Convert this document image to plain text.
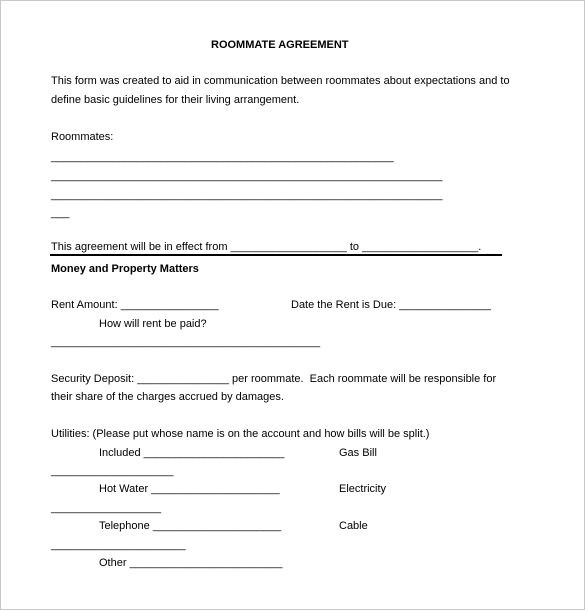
ROOMMATE AGREEMENT
This form was created to aid in communication between roommates about expectations and to
define basic guidelines for their living arrangement.
Roommates:
________________________________________________________
________________________________________________________________
________________________________________________________________
___
This agreement will be in effect from ___________________ to ___________________.
Money and Property Matters
Rent Amount: ________________	Date the Rent is Due: _______________
How will rent be paid?
____________________________________________
Security Deposit: _______________ per roommate.  Each roommate will be responsible for
their share of the charges accrued by damages.
Utilities: (Please put whose name is on the account and how bills will be split.)
Included _______________________	Gas Bill
____________________
Hot Water _____________________	Electricity
__________________
Telephone _____________________	Cable
______________________
Other _________________________
